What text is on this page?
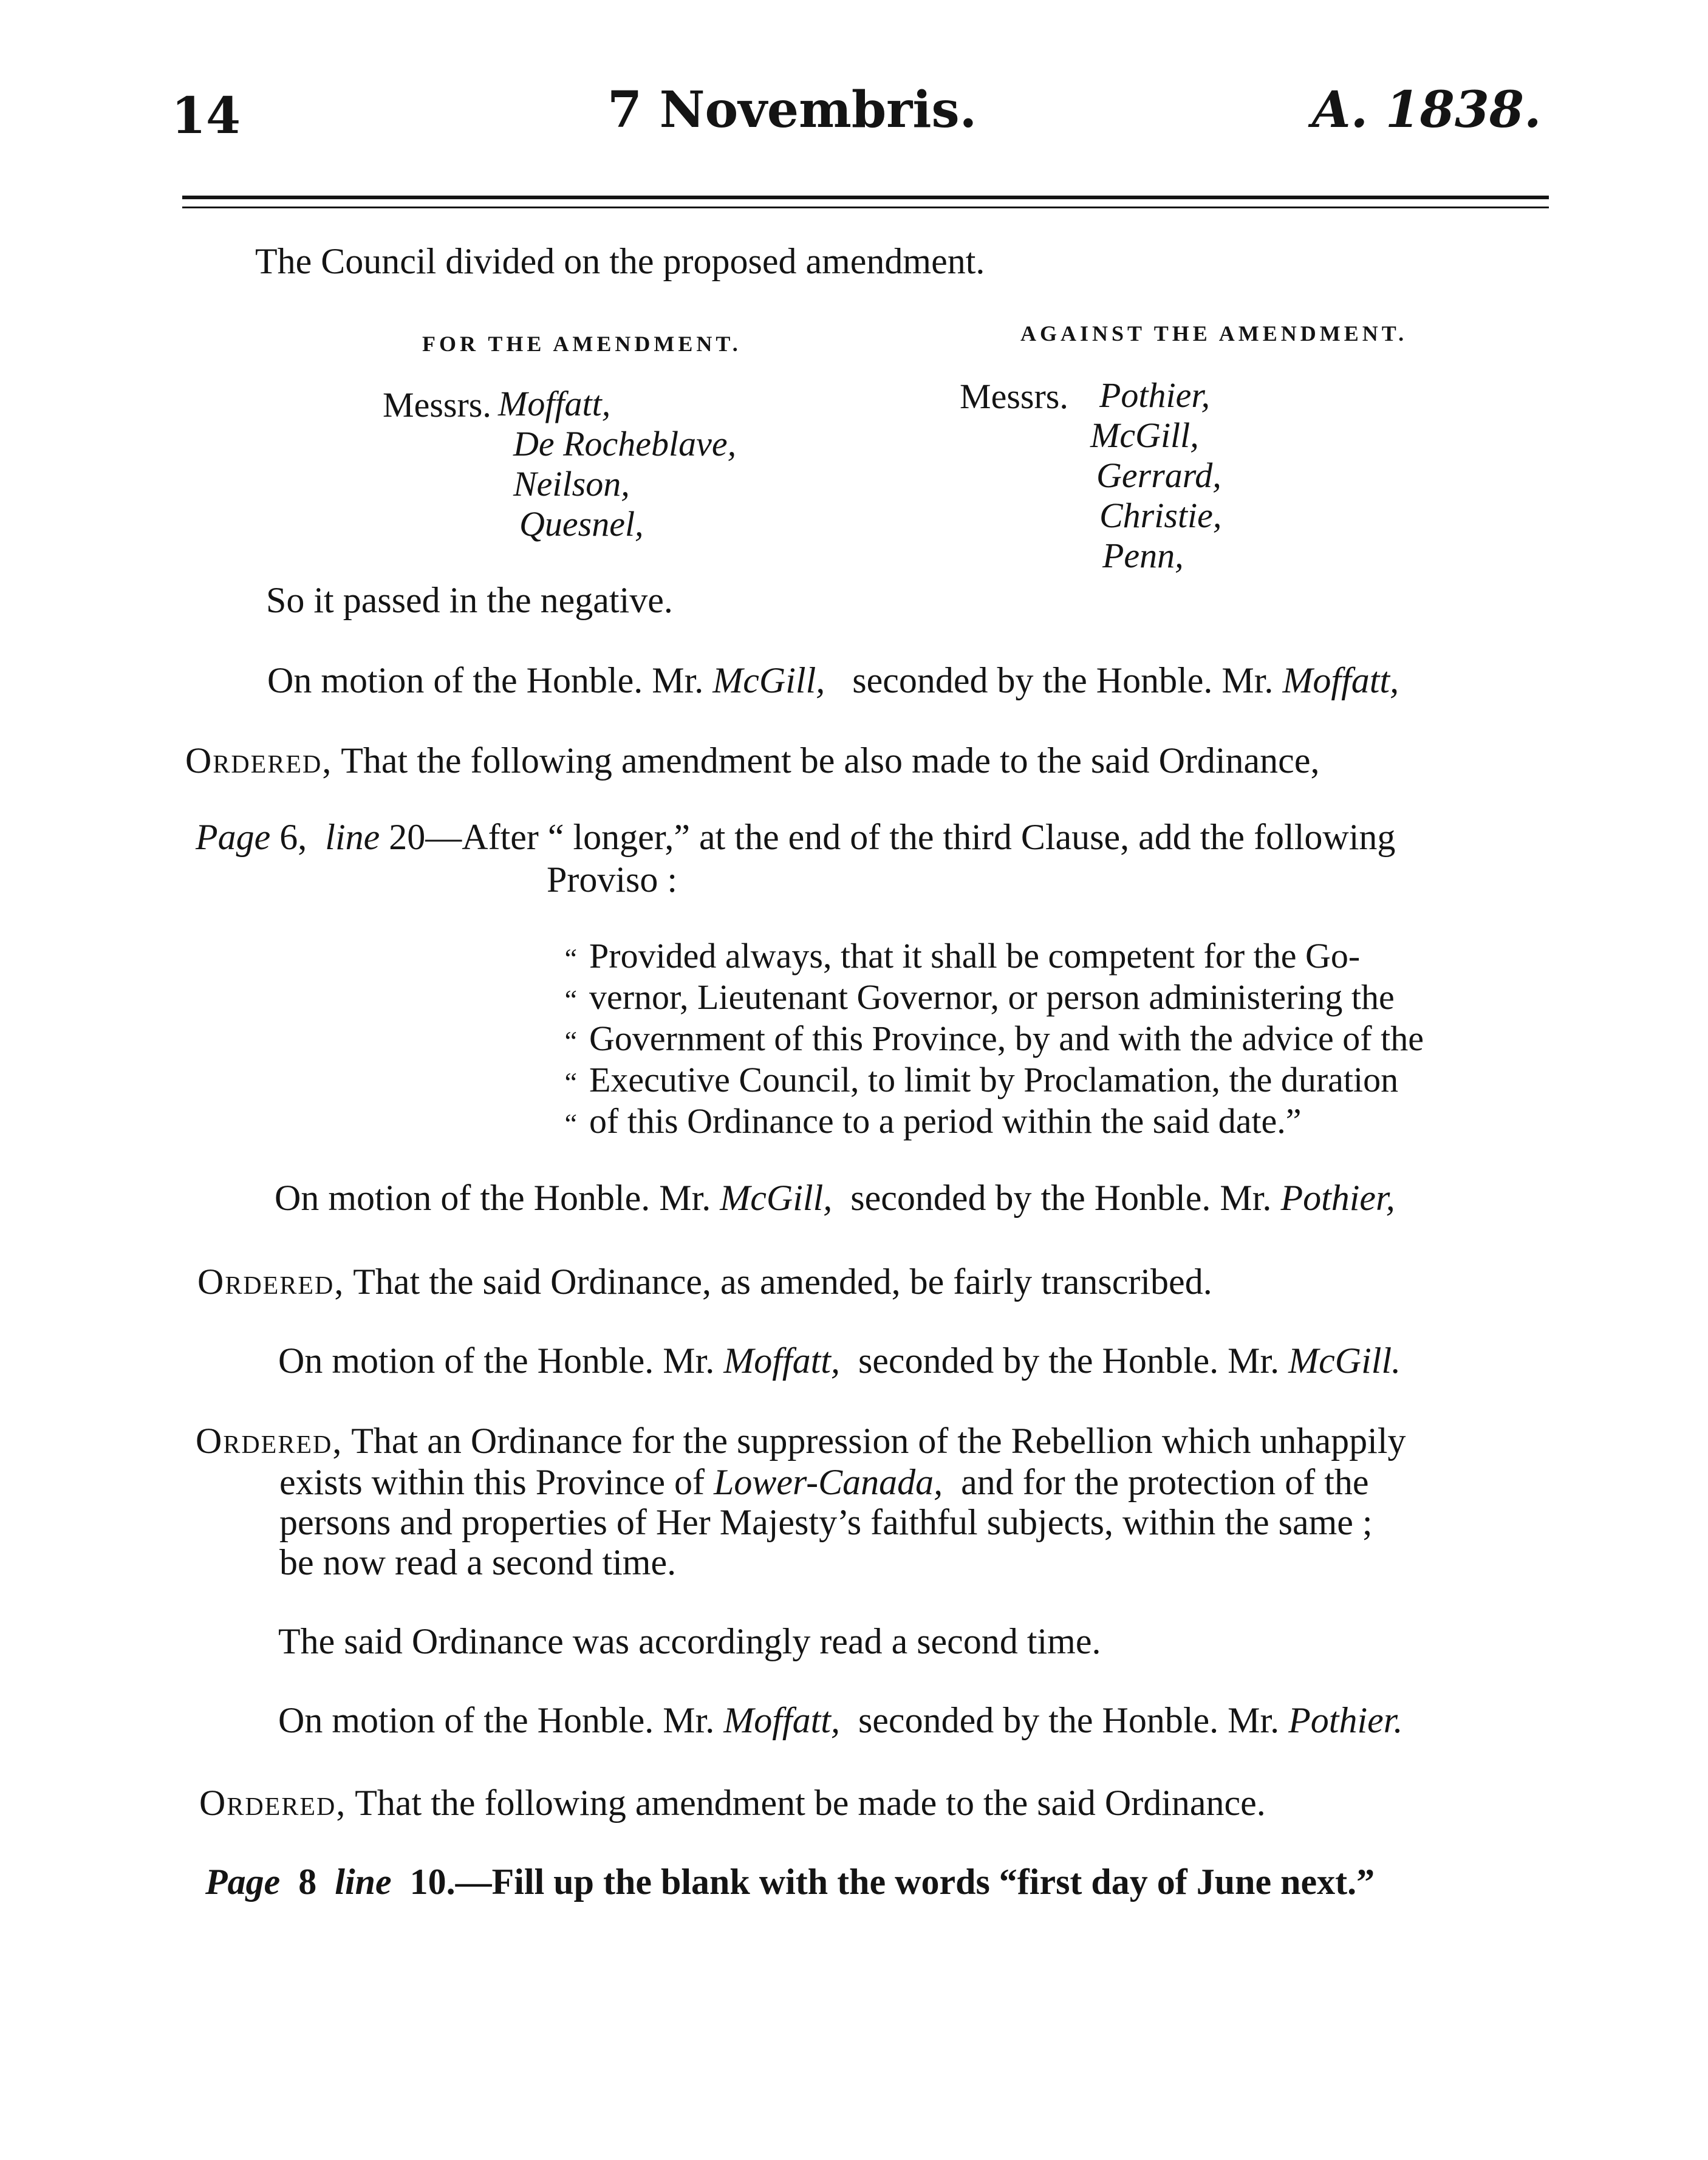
14	7 Novembris.	A. 1838.
The Council divided on the proposed amendment.
FOR THE AMENDMENT.	AGAINST THE AMENDMENT.
Messrs. Moffatt,
De Rocheblave,
Neilson,
Quesnel,
Messrs. Pothier,
McGill,
Gerrard,
Christie,
Penn,
So it passed in the negative.
On motion of the Honble. Mr. McGill, seconded by the Honble. Mr. Moffatt,
Ordered, That the following amendment be also made to the said Ordinance,
Page 6, line 20—After “ longer,” at the end of the third Clause, add the following
Proviso :
“ Provided always, that it shall be competent for the Go-
“ vernor, Lieutenant Governor, or person administering the
“ Government of this Province, by and with the advice of the
“ Executive Council, to limit by Proclamation, the duration
“ of this Ordinance to a period within the said date.”
On motion of the Honble. Mr. McGill, seconded by the Honble. Mr. Pothier,
Ordered, That the said Ordinance, as amended, be fairly transcribed.
On motion of the Honble. Mr. Moffatt, seconded by the Honble. Mr. McGill.
Ordered, That an Ordinance for the suppression of the Rebellion which unhappily
exists within this Province of Lower-Canada, and for the protection of the
persons and properties of Her Majesty’s faithful subjects, within the same ;
be now read a second time.
The said Ordinance was accordingly read a second time.
On motion of the Honble. Mr. Moffatt, seconded by the Honble. Mr. Pothier.
Ordered, That the following amendment be made to the said Ordinance.
Page 8 line 10.—Fill up the blank with the words “first day of June next.”
